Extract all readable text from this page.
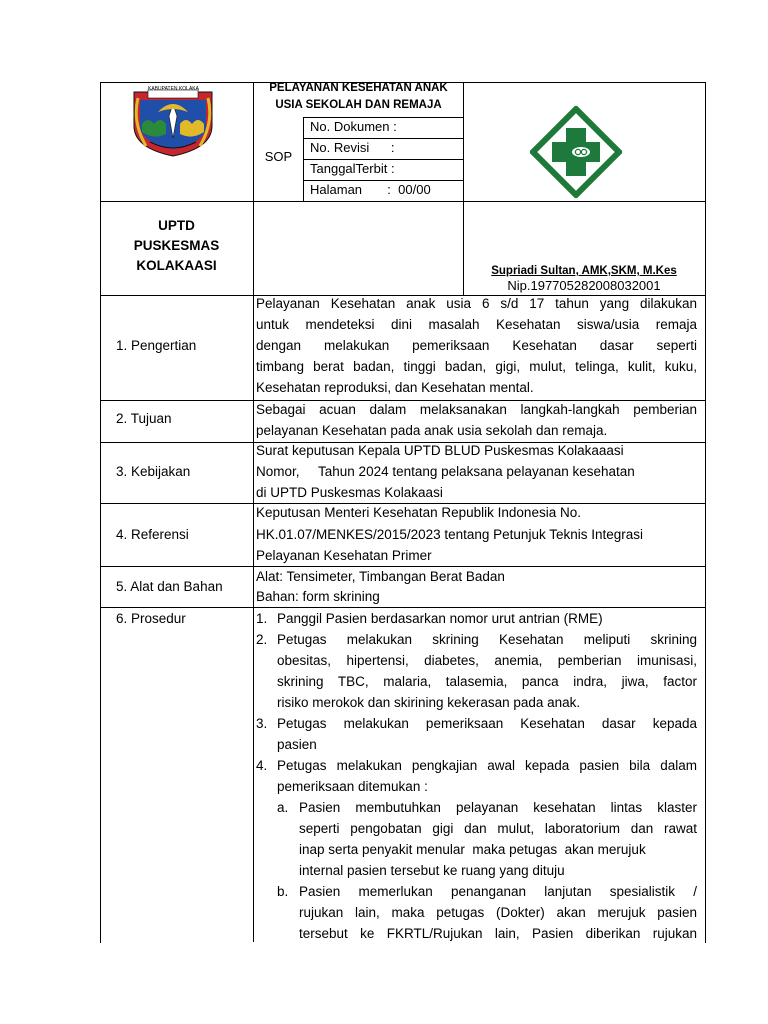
KABUPATEN KOLAKA	PELAYANAN KESEHATAN ANAK
USIA SEKOLAH DAN REMAJA
SOP
No. Dokumen :
No. Revisi      :
TanggalTerbit :
Halaman       :  00/00
UPTD
PUSKESMAS
KOLAKAASI	Supriadi Sultan, AMK,SKM, M.Kes
Nip.197705282008032001
1. Pengertian
2. Tujuan
3. Kebijakan
4. Referensi
5. Alat dan Bahan
6. Prosedur
Pelayanan Kesehatan anak usia 6 s/d 17 tahun yang dilakukan
untuk mendeteksi dini masalah Kesehatan siswa/usia remaja
dengan melakukan pemeriksaan Kesehatan dasar seperti
timbang berat badan, tinggi badan, gigi, mulut, telinga, kulit, kuku,
Kesehatan reproduksi, dan Kesehatan mental.
Sebagai acuan dalam melaksanakan langkah-langkah pemberian
pelayanan Kesehatan pada anak usia sekolah dan remaja.
Surat keputusan Kepala UPTD BLUD Puskesmas Kolakaaasi
Nomor,     Tahun 2024 tentang pelaksana pelayanan kesehatan
di UPTD Puskesmas Kolakaasi
Keputusan Menteri Kesehatan Republik Indonesia No.
HK.01.07/MENKES/2015/2023 tentang Petunjuk Teknis Integrasi
Pelayanan Kesehatan Primer
Alat: Tensimeter, Timbangan Berat Badan
Bahan: form skrining
1. Panggil Pasien berdasarkan nomor urut antrian (RME)
2. Petugas melakukan skrining Kesehatan meliputi skrining
obesitas, hipertensi, diabetes, anemia, pemberian imunisasi,
skrining TBC, malaria, talasemia, panca indra, jiwa, factor
risiko merokok dan skirining kekerasan pada anak.
3. Petugas melakukan pemeriksaan Kesehatan dasar kepada
pasien
4. Petugas melakukan pengkajian awal kepada pasien bila dalam
pemeriksaan ditemukan :
a. Pasien membutuhkan pelayanan kesehatan lintas klaster
seperti pengobatan gigi dan mulut, laboratorium dan rawat
inap serta penyakit menular  maka petugas  akan merujuk
internal pasien tersebut ke ruang yang dituju
b. Pasien memerlukan penanganan lanjutan spesialistik /
rujukan lain, maka petugas (Dokter) akan merujuk pasien
tersebut ke FKRTL/Rujukan lain, Pasien diberikan rujukan
